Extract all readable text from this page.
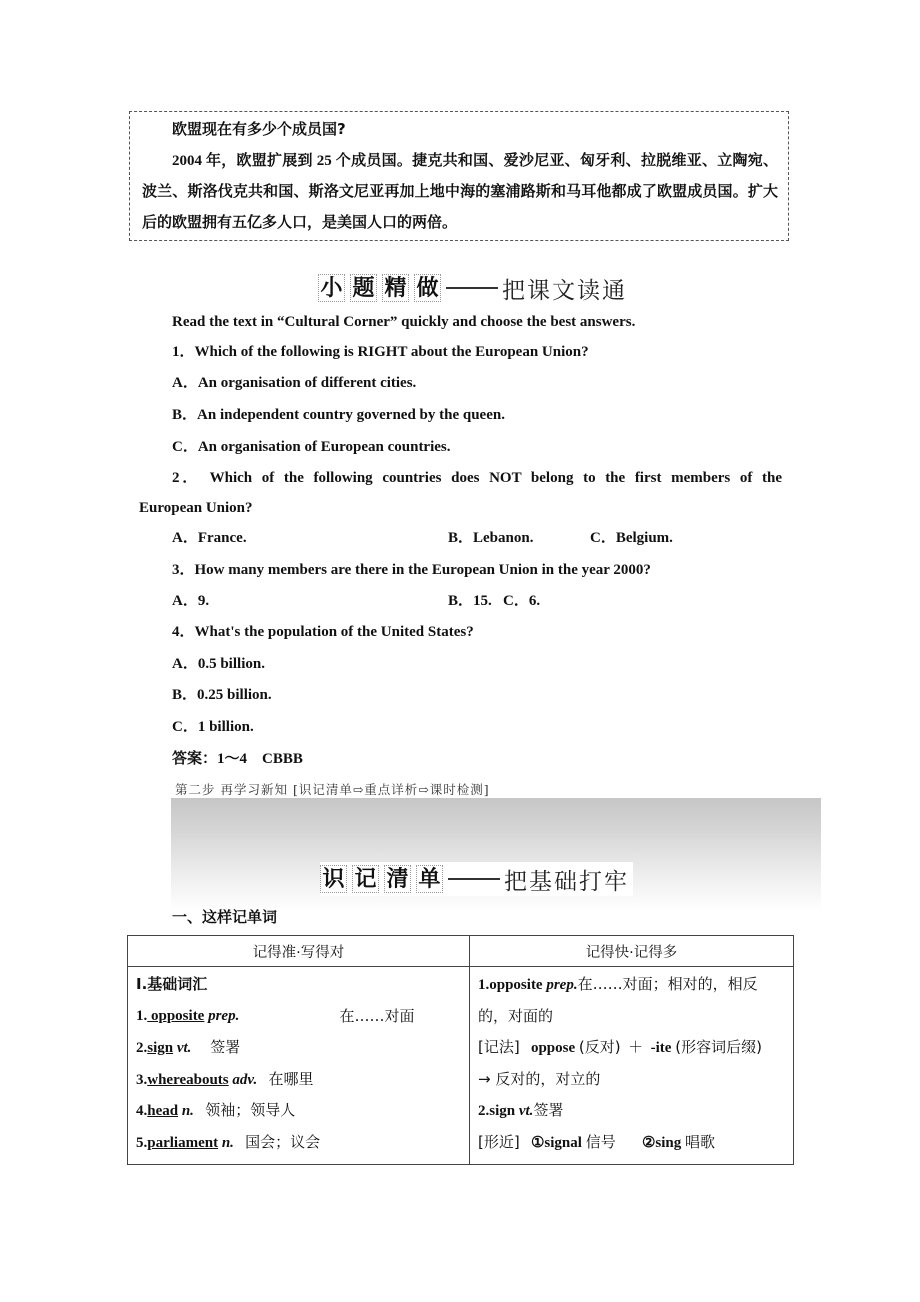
欧盟现在有多少个成员国?
2004 年，欧盟扩展到 25 个成员国。捷克共和国、爱沙尼亚、匈牙利、拉脱维亚、立陶宛、波兰、斯洛伐克共和国、斯洛文尼亚再加上地中海的塞浦路斯和马耳他都成了欧盟成员国。扩大后的欧盟拥有五亿多人口，是美国人口的两倍。
小 题 精 做	把课文读通
Read the text in “Cultural Corner” quickly and choose the best answers.
1．Which of the following is RIGHT about the European Union?
A．An organisation of different cities.
B．An independent country governed by the queen.
C．An organisation of European countries.
2． Which of the following countries does NOT belong to the first members of the
European Union?
A．France.	B．Lebanon.	C．Belgium.
3．How many members are there in the European Union in the year 2000?
A．9.	B．15. C．6.
4．What's the population of the United States?
A．0.5 billion.
B．0.25 billion.
C．1 billion.
答案：1～4　CBBB
第二步 再学习新知 [识记清单⇨重点详析⇨课时检测]
识 记 清 单	把基础打牢
一、这样记单词
记得准·写得对	记得快·记得多

Ⅰ.基础词汇
1. opposite prep.	在……对面
2.sign vt. 签署
3.whereabouts adv. 在哪里
4.head n. 领袖；领导人
5.parliament n. 国会；议会

1.opposite prep.在……对面；相对的，相反
的，对面的
[记法] oppose (反对) ＋ -ite (形容词后缀)
→ 反对的，对立的
2.sign vt.签署
[形近] ①signal 信号 ②sing 唱歌
